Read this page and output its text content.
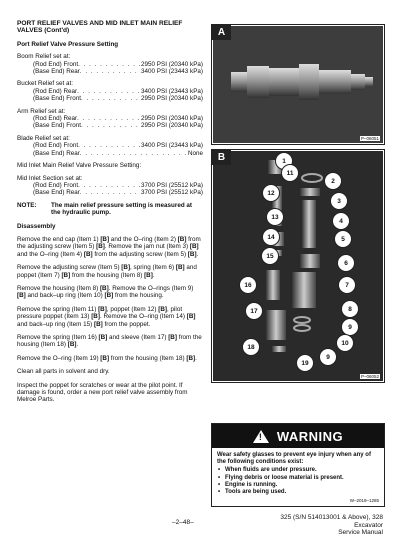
PORT RELIEF VALVES AND MID INLET MAIN RELIEF VALVES (Cont'd)
Port Relief Valve Pressure Setting
Boom Relief set at:
(Rod End) Front . . .	2950 PSI (20340 kPa)
(Base End) Rear . . .	3400 PSI (23443 kPa)
Bucket Relief set at:
(Rod End) Rear . . .	3400 PSI (23443 kPa)
(Base End) Front . . .	2950 PSI (20340 kPa)
Arm Relief set at:
(Rod End) Rear . . .	2950 PSI (20340 kPa)
(Base End) Front . . .	2950 PSI (20340 kPa)
Blade Relief set at:
(Rod End) Front . . .	3400 PSI (23443 kPa)
(Base End) Rear . . .	None
Mid Inlet Main Relief Valve Pressure Setting:
Mid Inlet Section set at:
(Rod End) Front . . .	3700 PSI (25512 kPa)
(Base End) Rear . . .	3700 PSI (25512 kPa)
NOTE:	The main relief pressure setting is measured at the hydraulic pump.
Disassembly
Remove the end cap (Item 1) [B] and the O–ring (Item 2) [B] from the adjusting screw (Item 5) [B]. Remove the jam nut (Item 3) [B] and the O–ring (Item 4) [B] from the adjusting screw (Item 5) [B].
Remove the adjusting screw (Item 5) [B], spring (Item 6) [B] and poppet (Item 7) [B] from the housing (Item 8) [B].
Remove the housing (Item 8) [B]. Remove the O–rings (Item 9) [B] and back–up ring (Item 10) [B] from the housing.
Remove the spring (Item 11) [B], poppet (Item 12) [B], pilot pressure poppet (Item 13) [B]. Remove the O–ring (Item 14) [B] and back–up ring (Item 15) [B] from the poppet.
Remove the spring (Item 16) [B] and sleeve (Item 17) [B] from the housing (Item 18) [B].
Remove the O–ring (Item 19) [B] from the housing (Item 18) [B].
Clean all parts in solvent and dry.
Inspect the poppet for scratches or wear at the pilot point. If damage is found, order a new port relief valve assembly from Melroe Parts.
A
P–06051
B	1
2
3
4
5
6
7
8
9
10
11
12
13
14
15
16
17
18
19
9
P–06052
! WARNING
Wear safety glasses to prevent eye injury when any of the following conditions exist:
• When fluids are under pressure.
• Flying debris or loose material is present.
• Engine is running.
• Tools are being used.
W–2019–1285
–2–48–
325 (S/N 514013001 & Above), 328 Excavator
Service Manual
